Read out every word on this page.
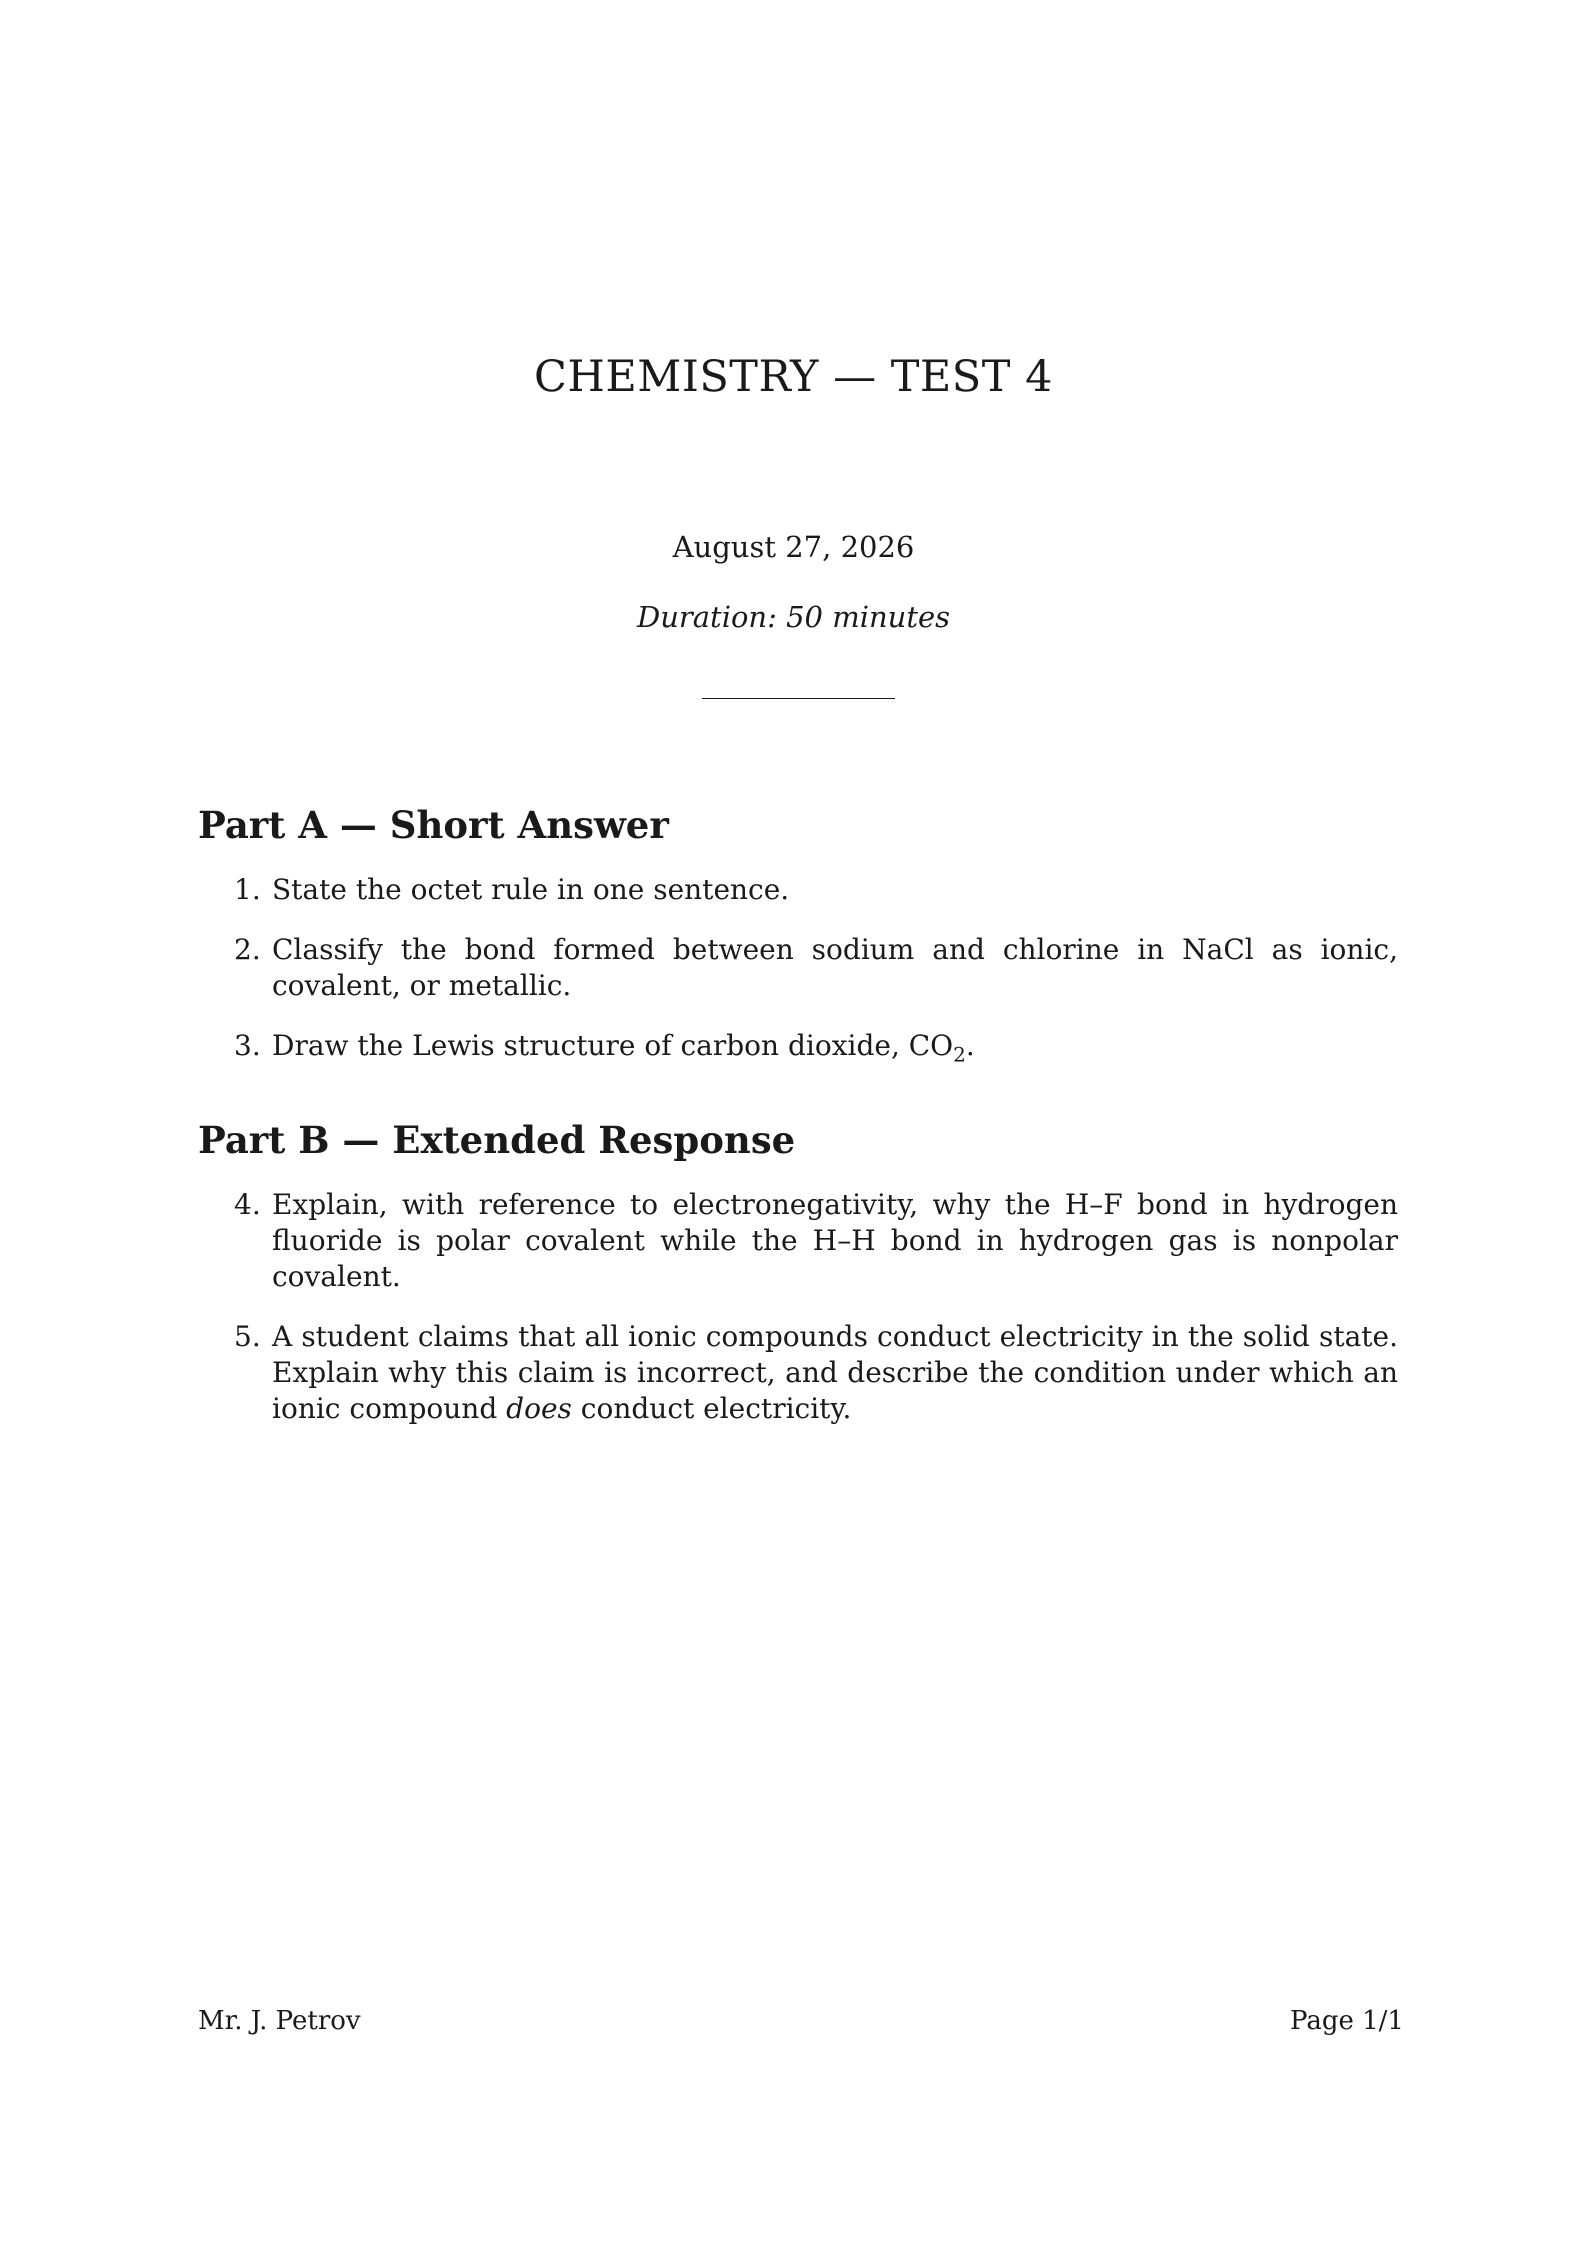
CHEMISTRY — TEST 4
August 27, 2026
Duration: 50 minutes
Part A — Short Answer
1. State the octet rule in one sentence.
2. Classify the bond formed between sodium and chlorine in NaCl as ionic, covalent, or metallic.
3. Draw the Lewis structure of carbon dioxide, $CO_2$.
Part B — Extended Response
4. Explain, with reference to electronegativity, why the H–F bond in hydrogen fluoride is polar covalent while the H–H bond in hydrogen gas is nonpolar covalent.
5. A student claims that all ionic compounds conduct electricity in the solid state. Explain why this claim is incorrect, and describe the condition under which an ionic compound does conduct electricity.
Mr. J. Petrov	Page 1/1
